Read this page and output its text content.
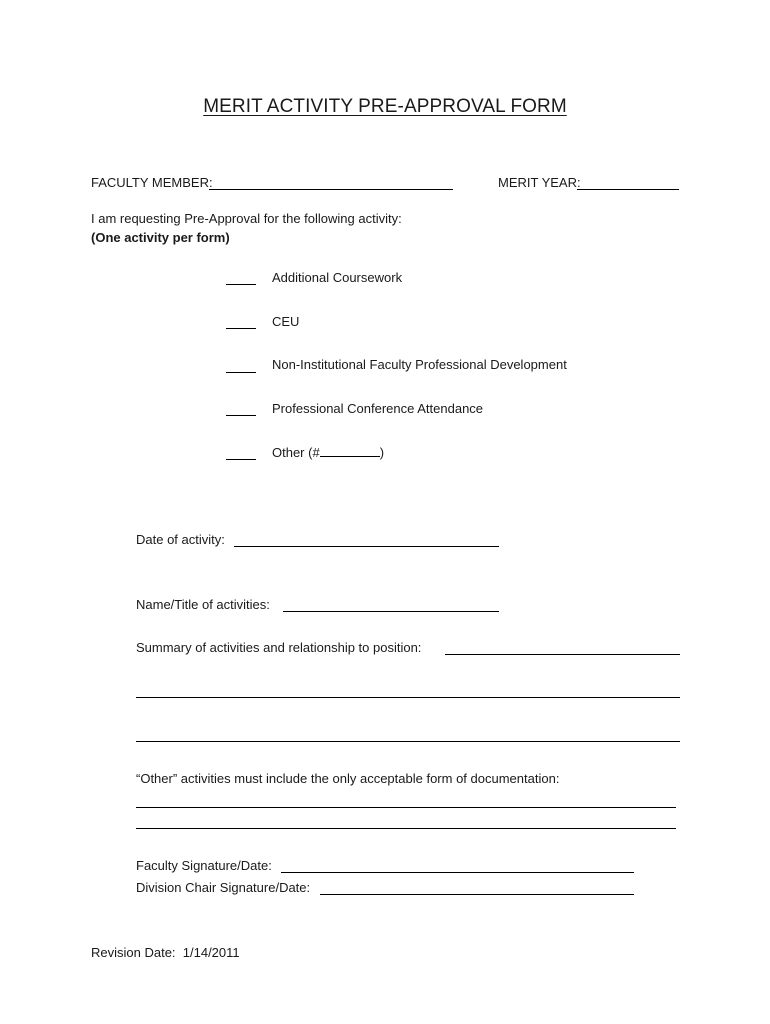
MERIT ACTIVITY PRE-APPROVAL FORM
FACULTY MEMBER:	MERIT YEAR:
I am requesting Pre-Approval for the following activity:
(One activity per form)
Additional Coursework
CEU
Non-Institutional Faculty Professional Development
Professional Conference Attendance
Other (#	)
Date of activity:
Name/Title of activities:
Summary of activities and relationship to position:
“Other” activities must include the only acceptable form of documentation:
Faculty Signature/Date:
Division Chair Signature/Date:
Revision Date:  1/14/2011
